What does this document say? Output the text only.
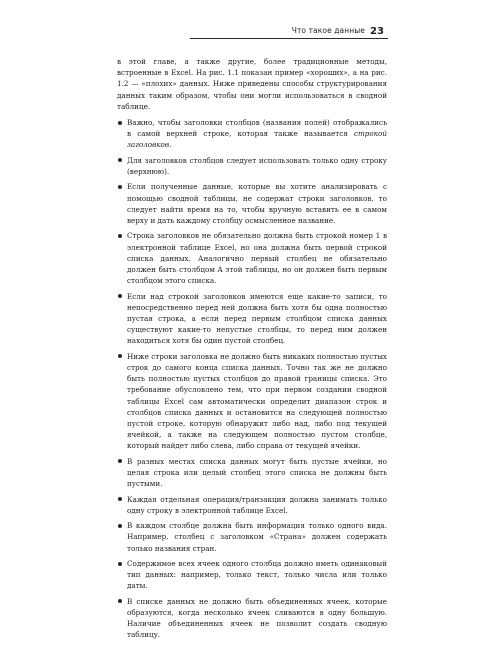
Что такое данные 23

в этой главе, а также другие, более традиционные методы, встроенные в Excel. На рис. 1.1 показан пример «хороших», а на рис. 1.2 — «плохих» данных. Ниже приведены способы структурирования данных таким образом, чтобы они могли использоваться в сводной таблице.

Важно, чтобы заголовки столбцов (названия полей) отображались в самой верхней строке, которая также называется строкой заголовков.
Для заголовков столбцов следует использовать только одну строку (верхнюю).
Если полученные данные, которые вы хотите анализировать с помощью сводной таблицы, не содержат строки заголовков, то следует найти время на то, чтобы вручную вставить ее в самом верху и дать каждому столбцу осмысленное название.
Строка заголовков не обязательно должна быть строкой номер 1 в электронной таблице Excel, но она должна быть первой строкой списка данных. Аналогично первый столбец не обязательно должен быть столбцом A этой таблицы, но он должен быть первым столбцом этого списка.
Если над строкой заголовков имеются еще какие-то записи, то непосредственно перед ней должна быть хотя бы одна полностью пустая строка, а если перед первым столбцом списка данных существуют какие-то непустые столбцы, то перед ним должен находиться хотя бы один пустой столбец.
Ниже строки заголовка не должно быть никаких полностью пустых строк до самого конца списка данных. Точно так же не должно быть полностью пустых столбцов до правой границы списка. Это требование обусловлено тем, что при первом создании сводной таблицы Excel сам автоматически определит диапазон строк и столбцов списка данных и остановится на следующей полностью пустой строке, которую обнаружит либо над, либо под текущей ячейкой, а также на следующем полностью пустом столбце, который найдет либо слева, либо справа от текущей ячейки.
В разных местах списка данных могут быть пустые ячейки, но целая строка или целый столбец этого списка не должны быть пустыми.
Каждая отдельная операция/транзакция должна занимать только одну строку в электронной таблице Excel.
В каждом столбце должна быть информация только одного вида. Например, столбец с заголовком «Страна» должен содержать только названия стран.
Содержимое всех ячеек одного столбца должно иметь одинаковый тип данных: например, только текст, только числа или только даты.
В списке данных не должно быть объединенных ячеек, которые образуются, когда несколько ячеек сливаются в одну большую. Наличие объединенных ячеек не позволит создать сводную таблицу.
